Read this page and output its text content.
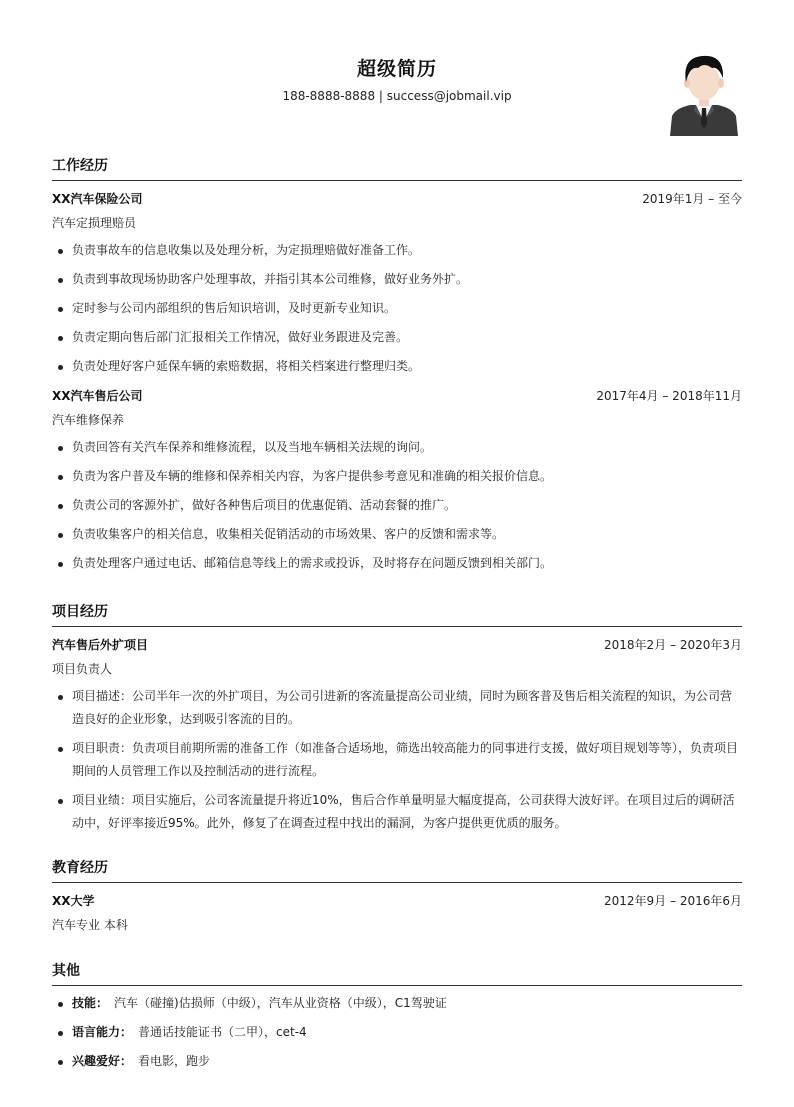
超级简历
188-8888-8888 | success@jobmail.vip
工作经历
XX汽车保险公司	2019年1月 – 至今
汽车定损理赔员
负责事故车的信息收集以及处理分析，为定损理赔做好准备工作。
负责到事故现场协助客户处理事故，并指引其本公司维修，做好业务外扩。
定时参与公司内部组织的售后知识培训，及时更新专业知识。
负责定期向售后部门汇报相关工作情况，做好业务跟进及完善。
负责处理好客户延保车辆的索赔数据，将相关档案进行整理归类。
XX汽车售后公司	2017年4月 – 2018年11月
汽车维修保养
负责回答有关汽车保养和维修流程，以及当地车辆相关法规的询问。
负责为客户普及车辆的维修和保养相关内容，为客户提供参考意见和准确的相关报价信息。
负责公司的客源外扩，做好各种售后项目的优惠促销、活动套餐的推广。
负责收集客户的相关信息，收集相关促销活动的市场效果、客户的反馈和需求等。
负责处理客户通过电话、邮箱信息等线上的需求或投诉，及时将存在问题反馈到相关部门。
项目经历
汽车售后外扩项目	2018年2月 – 2020年3月
项目负责人
项目描述：公司半年一次的外扩项目，为公司引进新的客流量提高公司业绩，同时为顾客普及售后相关流程的知识，为公司营造良好的企业形象，达到吸引客流的目的。
项目职责：负责项目前期所需的准备工作（如准备合适场地，筛选出较高能力的同事进行支援，做好项目规划等等），负责项目期间的人员管理工作以及控制活动的进行流程。
项目业绩：项目实施后，公司客流量提升将近10%，售后合作单量明显大幅度提高，公司获得大波好评。在项目过后的调研活动中，好评率接近95%。此外，修复了在调查过程中找出的漏洞，为客户提供更优质的服务。
教育经历
XX大学	2012年9月 – 2016年6月
汽车专业 本科
其他
技能： 汽车（碰撞)估损师（中级），汽车从业资格（中级），C1驾驶证
语言能力： 普通话技能证书（二甲），cet-4
兴趣爱好： 看电影，跑步
